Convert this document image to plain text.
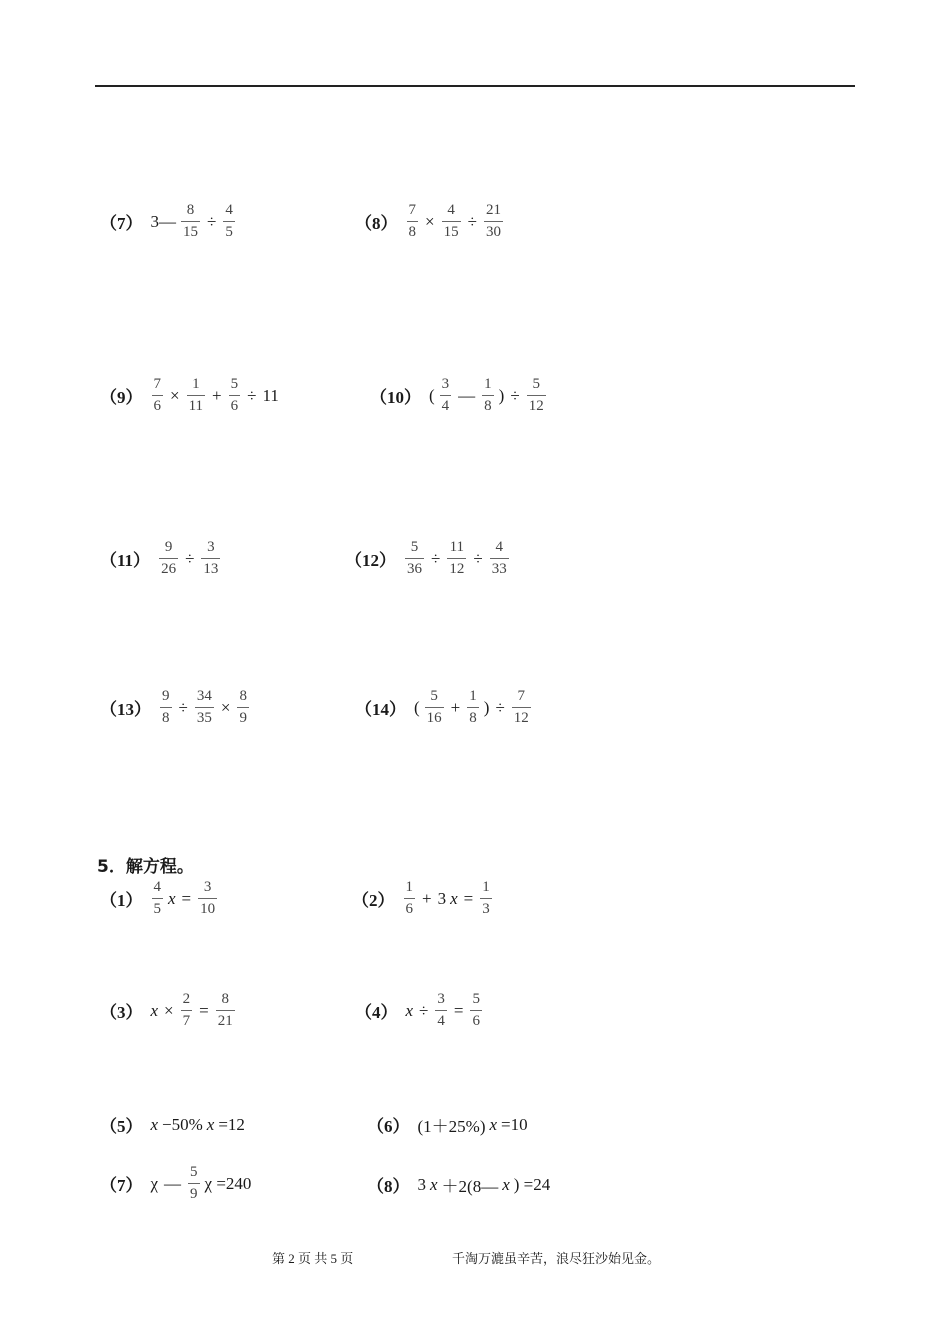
（7） 3— $\frac{8}{15} \div \frac{4}{5}$	$(8) \frac{7}{8} \times \frac{4}{15} \div \frac{21}{30}$
$(9) \frac{7}{6} \times \frac{1}{11} + \frac{5}{6} \div 11$	（10） ( $\frac{3}{4}$ — $\frac{1}{8}$ ) ÷ $\frac{5}{12}$
$(11) \frac{9}{26} \div \frac{3}{13}$	$(12) \frac{5}{36} \div \frac{11}{12} \div \frac{4}{33}$
$(13) \frac{9}{8} \div \frac{34}{35} \times \frac{8}{9}$	（14） ( $\frac{5}{16} + \frac{1}{8}$ ) ÷ $\frac{7}{12}$
5．解方程。
$(1) \frac{4}{5}$ $x = \frac{3}{10}$	$(2) \frac{1}{6} + 3$ $x = \frac{1}{3}$
（3） $x \times \frac{2}{7} = \frac{8}{21}$	（4） $x \div \frac{3}{4} = \frac{5}{6}$
（5） x −50% x =12	（6） (1＋25%) x =10
（7） χ — $\frac{5}{9}$ χ =240	（8） 3 x ＋2(8— x ) =24
第 2 页 共 5 页	千淘万漉虽辛苦，浪尽狂沙始见金。
